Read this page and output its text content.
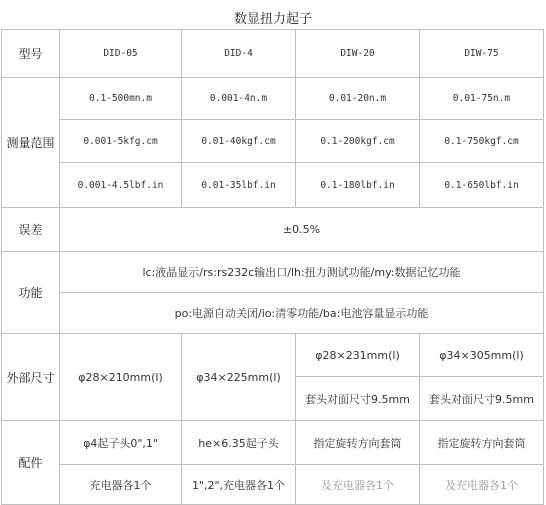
数显扭力起子
型号	DID-05	DID-4	DIW-20	DIW-75
测量范围	0.1-500mn.m	0.001-4n.m	0.01-20n.m	0.01-75n.m
	0.001-5kfg.cm	0.01-40kgf.cm	0.1-200kgf.cm	0.1-750kgf.cm
	0.001-4.5lbf.in	0.01-35lbf.in	0.1-180lbf.in	0.1-650lbf.in
误差	±0.5%			
功能	lc:液晶显示/rs:rs232c输出口/lh:扭力测试功能/my:数据记忆功能			
	po:电源自动关闭/io:清零功能/ba:电池容量显示功能			
外部尺寸	φ28×210mm(l)	φ34×225mm(l)	φ28×231mm(l)	φ34×305mm(l)
			套头对面尺寸9.5mm	套头对面尺寸9.5mm
配件	φ4起子头0",1"	he×6.35起子头	指定旋转方向套筒	指定旋转方向套筒
	充电器各1个	1",2",充电器各1个	及充电器各1个	及充电器各1个
